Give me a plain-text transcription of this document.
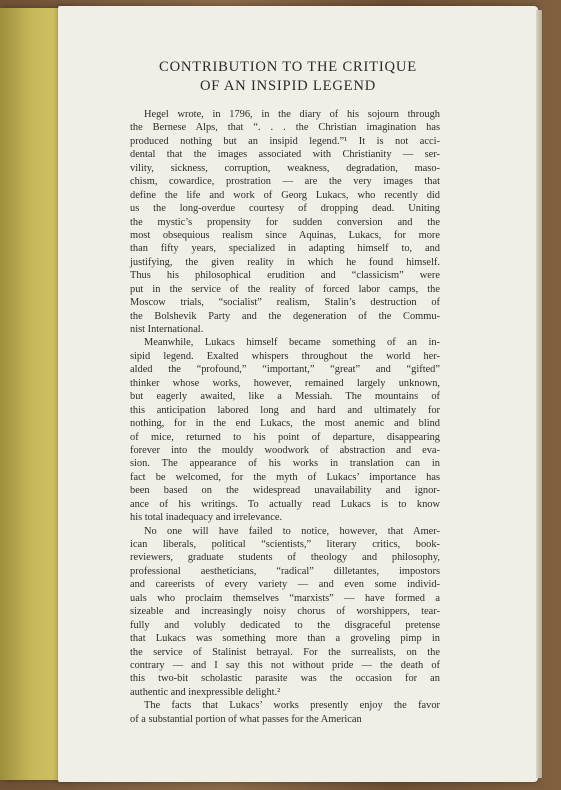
CONTRIBUTION TO THE CRITIQUE
OF AN INSIPID LEGEND
Hegel wrote, in 1796, in the diary of his sojourn through
the Bernese Alps, that “. . . the Christian imagination has
produced nothing but an insipid legend.”¹ It is not acci-
dental that the images associated with Christianity — ser-
vility, sickness, corruption, weakness, degradation, maso-
chism, cowardice, prostration — are the very images that
define the life and work of Georg Lukacs, who recently did
us the long-overdue courtesy of dropping dead. Uniting
the mystic’s propensity for sudden conversion and the
most obsequious realism since Aquinas, Lukacs, for more
than fifty years, specialized in adapting himself to, and
justifying, the given reality in which he found himself.
Thus his philosophical erudition and “classicism” were
put in the service of the reality of forced labor camps, the
Moscow trials, “socialist” realism, Stalin’s destruction of
the Bolshevik Party and the degeneration of the Commu-
nist International.
Meanwhile, Lukacs himself became something of an in-
sipid legend. Exalted whispers throughout the world her-
alded the “profound,” “important,” “great” and “gifted”
thinker whose works, however, remained largely unknown,
but eagerly awaited, like a Messiah. The mountains of
this anticipation labored long and hard and ultimately for
nothing, for in the end Lukacs, the most anemic and blind
of mice, returned to his point of departure, disappearing
forever into the mouldy woodwork of abstraction and eva-
sion. The appearance of his works in translation can in
fact be welcomed, for the myth of Lukacs’ importance has
been based on the widespread unavailability and ignor-
ance of his writings. To actually read Lukacs is to know
his total inadequacy and irrelevance.
No one will have failed to notice, however, that Amer-
ican liberals, political “scientists,” literary critics, book-
reviewers, graduate students of theology and philosophy,
professional aestheticians, “radical” dilletantes, impostors
and careerists of every variety — and even some individ-
uals who proclaim themselves “marxists” — have formed a
sizeable and increasingly noisy chorus of worshippers, tear-
fully and volubly dedicated to the disgraceful pretense
that Lukacs was something more than a groveling pimp in
the service of Stalinist betrayal. For the surrealists, on the
contrary — and I say this not without pride — the death of
this two-bit scholastic parasite was the occasion for an
authentic and inexpressible delight.²
The facts that Lukacs’ works presently enjoy the favor
of a substantial portion of what passes for the American
